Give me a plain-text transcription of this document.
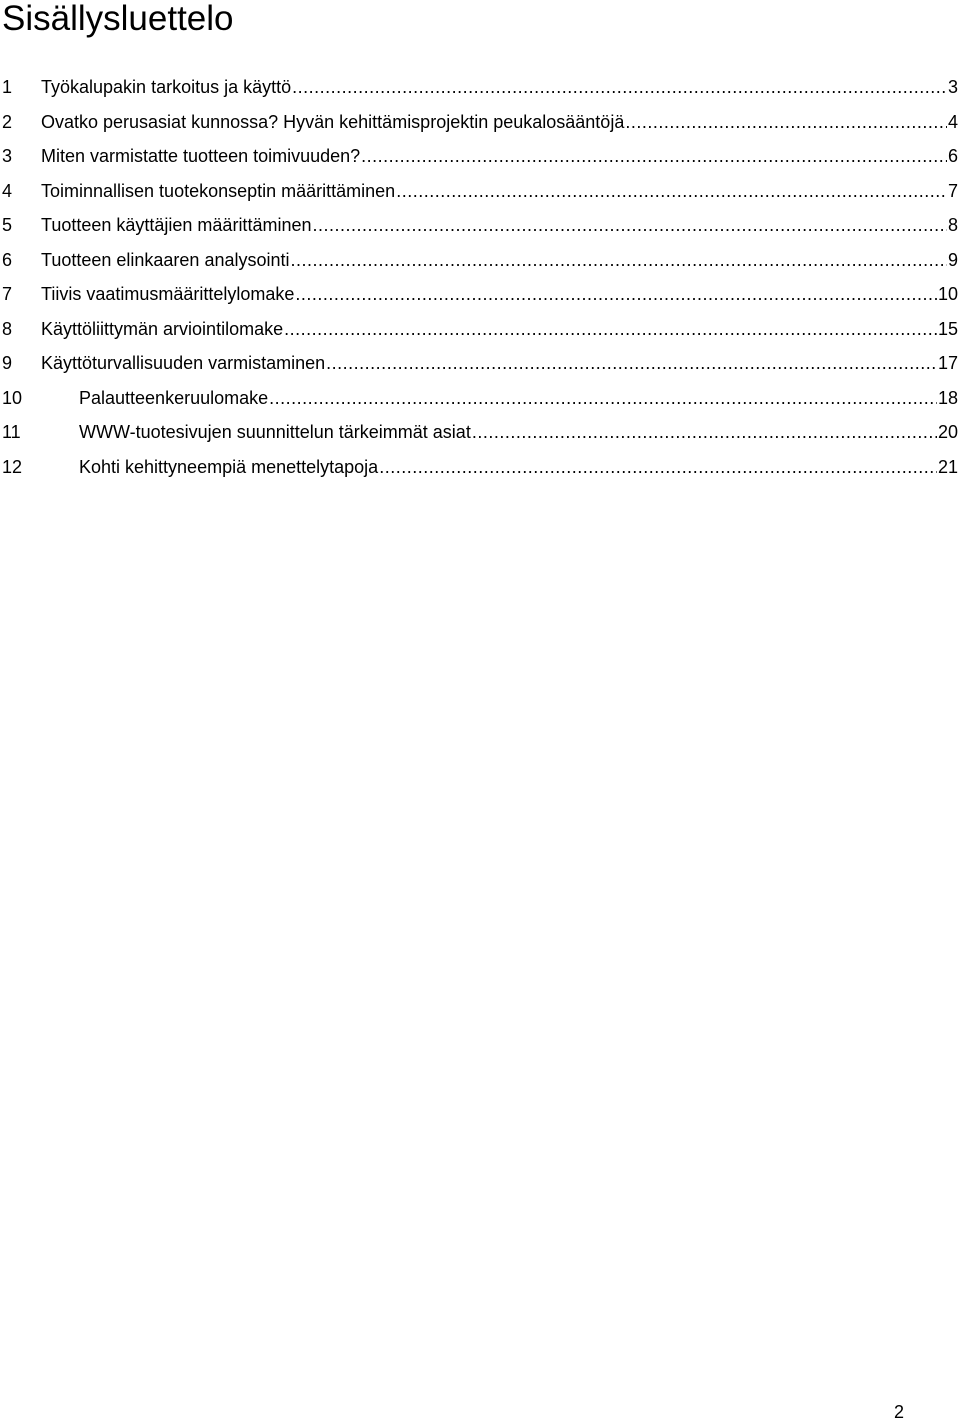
Sisällysluettelo
1 Työkalupakin tarkoitus ja käyttö .....	3
2 Ovatko perusasiat kunnossa? Hyvän kehittämisprojektin peukalosääntöjä .....	4
3 Miten varmistatte tuotteen toimivuuden? .....	6
4 Toiminnallisen tuotekonseptin määrittäminen .....	7
5 Tuotteen käyttäjien määrittäminen .....	8
6 Tuotteen elinkaaren analysointi .....	9
7 Tiivis vaatimusmäärittelylomake .....	10
8 Käyttöliittymän arviointilomake .....	15
9 Käyttöturvallisuuden varmistaminen .....	17
10	Palautteenkeruulomake .....	18
11	WWW-tuotesivujen suunnittelun tärkeimmät asiat .....	20
12	Kohti kehittyneempiä menettelytapoja .....	21
2
